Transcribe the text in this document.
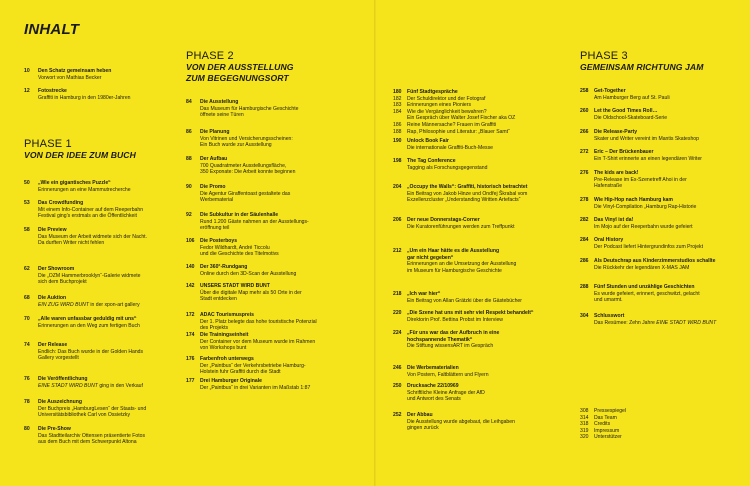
INHALT
10 Den Schatz gemeinsam heben
Vorwort von Mathias Becker
12 Fotostrecke
Graffiti in Hamburg in den 1980er-Jahren
PHASE 1
VON DER IDEE ZUM BUCH
50 „Wie ein gigantisches Puzzle“
Erinnerungen an eine Mammutrecherche
53 Das Crowdfunding
Mit einem Info-Container auf dem Reeperbahn
Festival ging’s erstmals an die Öffentlichkeit
58 Die Preview
Das Museum der Arbeit widmete sich der Nacht.
Da durften Writer nicht fehlen
62 Der Showroom
Die „OZM Hammerbrooklyn“-Galerie widmete
sich dem Buchprojekt
68 Die Auktion
EIN ZUG WIRD BUNT in der xpon-art gallery
70 „Alle waren unfassbar geduldig mit uns“
Erinnerungen an den Weg zum fertigen Buch
74 Der Release
Endlich: Das Buch wurde in der Golden Hands
Gallery vorgestellt
76 Die Veröffentlichung
EINE STADT WIRD BUNT ging in den Verkauf
78 Die Auszeichnung
Der Buchpreis „HamburgLesen“ der Staats- und
Universitätsbibliothek Carl von Ossietzky
80 Die Pre-Show
Das Stadtteilarchiv Ottensen präsentierte Fotos
aus dem Buch mit dem Schwerpunkt Altona
PHASE 2
VON DER AUSSTELLUNG
ZUM BEGEGNUNGSORT
84 Die Ausstellung
Das Museum für Hamburgische Geschichte
öffnete seine Türen
86 Die Planung
Von Vitrinen und Versicherungsscheinen:
Ein Buch wurde zur Ausstellung
88 Der Aufbau
700 Quadratmeter Ausstellungsfläche,
350 Exponate: Die Arbeit konnte beginnen
90 Die Promo
Die Agentur Giraffentoast gestaltete das
Werbematerial
92 Die Subkultur in der Säulenhalle
Rund 1.200 Gäste nahmen an der Ausstellungs-
eröffnung teil
106 Die Posterboys
Fedor Wildhardt, André Ticcolu
und die Geschichte des Titelmotivs
140 Der 360°-Rundgang
Online durch den 3D-Scan der Ausstellung
142 UNSERE STADT WIRD BUNT
Über die digitale Map mehr als 50 Orte in der
Stadt entdecken
172 ADAC Tourismuspreis
Der 1. Platz belegte das hohe touristische Potenzial
des Projekts
174 Die Trainingseinheit
Der Container vor dem Museum wurde im Rahmen
von Workshops bunt
176 Farbenfroh unterwegs
Der „Paintbus“ der Verkehrsbetriebe Hamburg-
Holstein fuhr Graffiti durch die Stadt
177 Drei Hamburger Originale
Der „Paintbus“ in drei Varianten im Maßstab 1:87
180 Fünf Stadtgespräche
182 Der Schuldirektor und der Fotograf
183 Erinnerungen eines Pioniers
184 Wie die Vergänglichkeit bewahren?
Ein Gespräch über Walter Josef Fischer aka OZ
186 Reine Männersache? Frauen im Graffiti
188 Rap, Philosophie und Literatur: „Blauer Samt“
190 Unlock Book Fair
Die internationale Graffiti-Buch-Messe
198 The Tag Conference
Tagging als Forschungsgegenstand
204 „Occupy the Walls“: Graffiti, historisch betrachtet
Ein Beitrag von Jakob Hinze und Ondřej Škrabal vom
Exzellenzcluster „Understanding Written Artefacts“
206 Der neue Donnerstags-Corner
Die Kuratorenführungen werden zum Treffpunkt
212 „Um ein Haar hätte es die Ausstellung
gar nicht gegeben“
Erinnerungen an die Umsetzung der Ausstellung
im Museum für Hamburgische Geschichte
218 „Ich war hier“
Ein Beitrag von Allan Grätzki über die Gästebücher
220 „Die Szene hat uns mit sehr viel Respekt behandelt“
Direktorin Prof. Bettina Probst im Interview
224 „Für uns war das der Aufbruch in eine
hochspannende Thematik“
Die Stiftung wissensART im Gespräch
246 Die Werbematerialien
Von Postern, Faltblättern und Flyern
250 Drucksache 22/10969
Schriftliche Kleine Anfrage der AfD
und Antwort des Senats
252 Der Abbau
Die Ausstellung wurde abgebaut, die Leihgaben
gingen zurück
PHASE 3
GEMEINSAM RICHTUNG JAM
258 Get-Together
Am Hamburger Berg auf St. Pauli
260 Let the Good Times Roll…
Die Oldschool-Skateboard-Serie
266 Die Release-Party
Skater und Writer vereint im Mantis Skateshop
272 Eric – Der Brückenbauer
Ein T-Shirt erinnerte an einen legendären Writer
276 The kids are back!
Pre-Release im Ex-Szenetreff Ahoi in der
Hafenstraße
278 Wie Hip-Hop nach Hamburg kam
Die Vinyl-Compilation „Hamburg Rap-Historie
282 Das Vinyl ist da!
Im Mojo auf der Reeperbahn wurde gefeiert
284 Oral History
Der Podcast liefert Hintergrundinfos zum Projekt
286 Als Deutschrap aus Kinderzimmerstudios schallte
Die Rückkehr der legendären X-MAS JAM
288 Fünf Stunden und unzählige Geschichten
Es wurde gefeiert, erinnert, geschwitzt, gelacht
und umarmt.
304 Schlusswort
Das Resümee: Zehn Jahre EINE STADT WIRD BUNT
308 Pressespiegel
314 Das Team
318 Credits
319 Impressum
320 Unterstützer
